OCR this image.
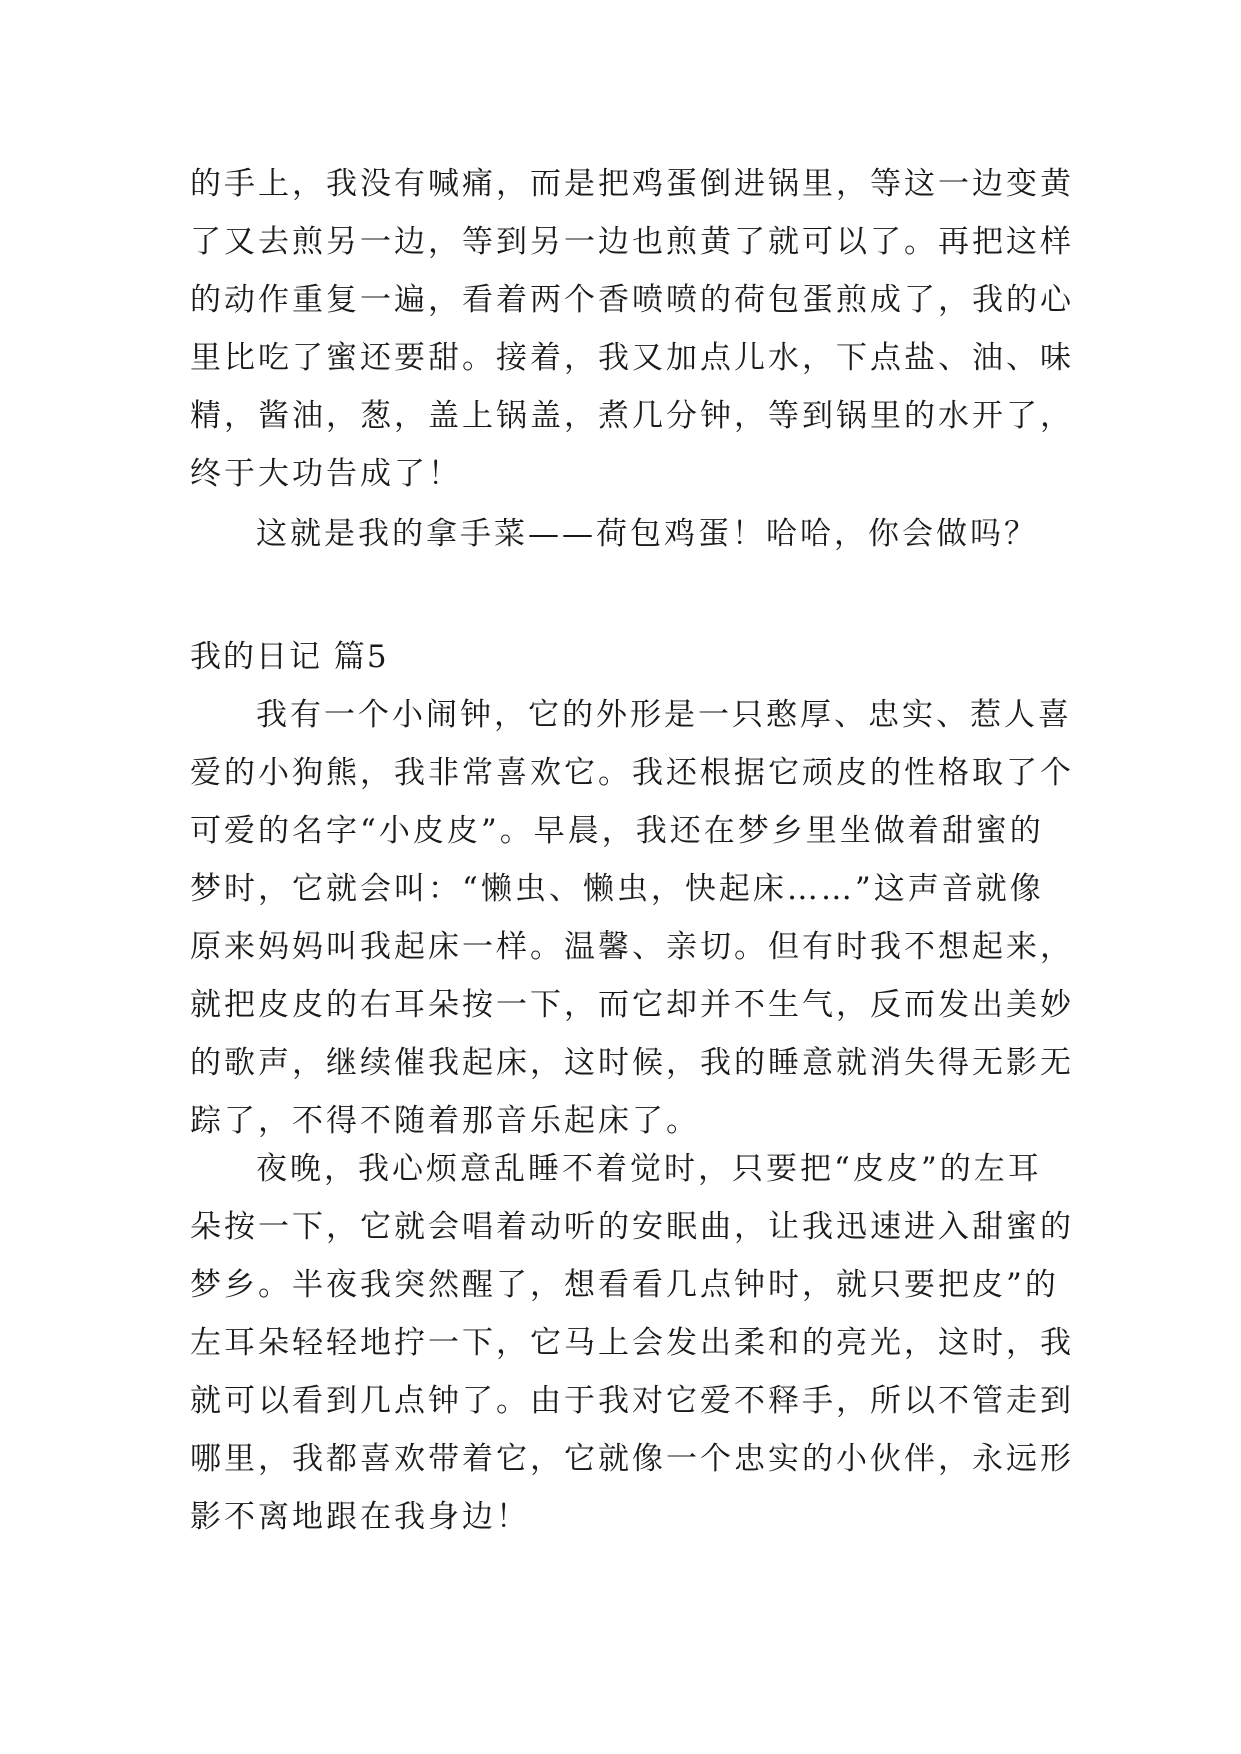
的手上，我没有喊痛，而是把鸡蛋倒进锅里，等这一边变黄
了又去煎另一边，等到另一边也煎黄了就可以了。再把这样
的动作重复一遍，看着两个香喷喷的荷包蛋煎成了，我的心
里比吃了蜜还要甜。接着，我又加点儿水，下点盐、油、味
精，酱油，葱，盖上锅盖，煮几分钟，等到锅里的水开了，
终于大功告成了！
这就是我的拿手菜——荷包鸡蛋！哈哈，你会做吗？
我的日记 篇5
我有一个小闹钟，它的外形是一只憨厚、忠实、惹人喜
爱的小狗熊，我非常喜欢它。我还根据它顽皮的性格取了个
可爱的名字“小皮皮”。早晨，我还在梦乡里坐做着甜蜜的
梦时，它就会叫：“懒虫、懒虫，快起床……”这声音就像
原来妈妈叫我起床一样。温馨、亲切。但有时我不想起来，
就把皮皮的右耳朵按一下，而它却并不生气，反而发出美妙
的歌声，继续催我起床，这时候，我的睡意就消失得无影无
踪了，不得不随着那音乐起床了。
夜晚，我心烦意乱睡不着觉时，只要把“皮皮”的左耳
朵按一下，它就会唱着动听的安眠曲，让我迅速进入甜蜜的
梦乡。半夜我突然醒了，想看看几点钟时，就只要把皮”的
左耳朵轻轻地拧一下，它马上会发出柔和的亮光，这时，我
就可以看到几点钟了。由于我对它爱不释手，所以不管走到
哪里，我都喜欢带着它，它就像一个忠实的小伙伴，永远形
影不离地跟在我身边！
